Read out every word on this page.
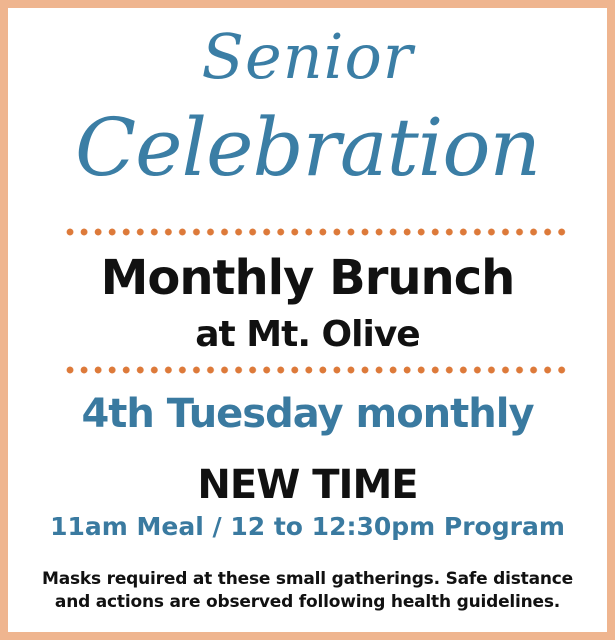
Senior
Celebration
Monthly Brunch
at Mt. Olive
4th Tuesday monthly
NEW TIME
11am Meal / 12 to 12:30pm Program
Masks required at these small gatherings. Safe distance
and actions are observed following health guidelines.
